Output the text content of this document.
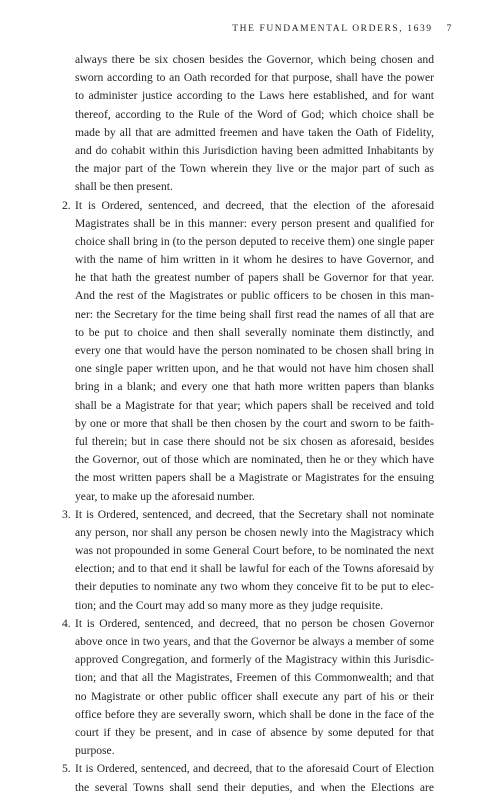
THE FUNDAMENTAL ORDERS, 1639 7
always there be six chosen besides the Governor, which being chosen and
sworn according to an Oath recorded for that purpose, shall have the power
to administer justice according to the Laws here established, and for want
thereof, according to the Rule of the Word of God; which choice shall be
made by all that are admitted freemen and have taken the Oath of Fidelity,
and do cohabit within this Jurisdiction having been admitted Inhabitants by
the major part of the Town wherein they live or the major part of such as
shall be then present.
2. It is Ordered, sentenced, and decreed, that the election of the aforesaid
Magistrates shall be in this manner: every person present and qualified for
choice shall bring in (to the person deputed to receive them) one single paper
with the name of him written in it whom he desires to have Governor, and
he that hath the greatest number of papers shall be Governor for that year.
And the rest of the Magistrates or public officers to be chosen in this man-
ner: the Secretary for the time being shall first read the names of all that are
to be put to choice and then shall severally nominate them distinctly, and
every one that would have the person nominated to be chosen shall bring in
one single paper written upon, and he that would not have him chosen shall
bring in a blank; and every one that hath more written papers than blanks
shall be a Magistrate for that year; which papers shall be received and told
by one or more that shall be then chosen by the court and sworn to be faith-
ful therein; but in case there should not be six chosen as aforesaid, besides
the Governor, out of those which are nominated, then he or they which have
the most written papers shall be a Magistrate or Magistrates for the ensuing
year, to make up the aforesaid number.
3. It is Ordered, sentenced, and decreed, that the Secretary shall not nominate
any person, nor shall any person be chosen newly into the Magistracy which
was not propounded in some General Court before, to be nominated the next
election; and to that end it shall be lawful for each of the Towns aforesaid by
their deputies to nominate any two whom they conceive fit to be put to elec-
tion; and the Court may add so many more as they judge requisite.
4. It is Ordered, sentenced, and decreed, that no person be chosen Governor
above once in two years, and that the Governor be always a member of some
approved Congregation, and formerly of the Magistracy within this Jurisdic-
tion; and that all the Magistrates, Freemen of this Commonwealth; and that
no Magistrate or other public officer shall execute any part of his or their
office before they are severally sworn, which shall be done in the face of the
court if they be present, and in case of absence by some deputed for that
purpose.
5. It is Ordered, sentenced, and decreed, that to the aforesaid Court of Election
the several Towns shall send their deputies, and when the Elections are
